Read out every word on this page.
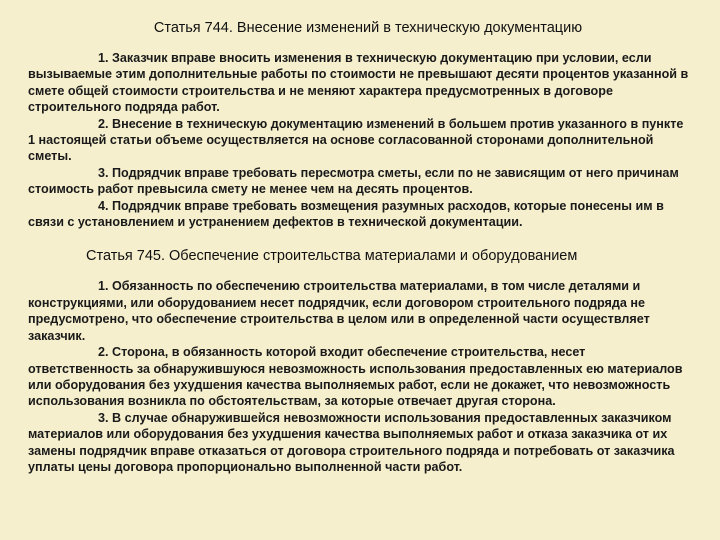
Статья 744. Внесение изменений в техническую документацию

1. Заказчик вправе вносить изменения в техническую документацию при условии, если вызываемые этим дополнительные работы по стоимости не превышают десяти процентов указанной в смете общей стоимости строительства и не меняют характера предусмотренных в договоре строительного подряда работ.

2. Внесение в техническую документацию изменений в большем против указанного в пункте 1 настоящей статьи объеме осуществляется на основе согласованной сторонами дополнительной сметы.

3. Подрядчик вправе требовать пересмотра сметы, если по не зависящим от него причинам стоимость работ превысила смету не менее чем на десять процентов.

4. Подрядчик вправе требовать возмещения разумных расходов, которые понесены им в связи с установлением и устранением дефектов в технической документации.

Статья 745. Обеспечение строительства материалами и оборудованием

1. Обязанность по обеспечению строительства материалами, в том числе деталями и конструкциями, или оборудованием несет подрядчик, если договором строительного подряда не предусмотрено, что обеспечение строительства в целом или в определенной части осуществляет заказчик.

2. Сторона, в обязанность которой входит обеспечение строительства, несет ответственность за обнаружившуюся невозможность использования предоставленных ею материалов или оборудования без ухудшения качества выполняемых работ, если не докажет, что невозможность использования возникла по обстоятельствам, за которые отвечает другая сторона.

3. В случае обнаружившейся невозможности использования предоставленных заказчиком материалов или оборудования без ухудшения качества выполняемых работ и отказа заказчика от их замены подрядчик вправе отказаться от договора строительного подряда и потребовать от заказчика уплаты цены договора пропорционально выполненной части работ.
